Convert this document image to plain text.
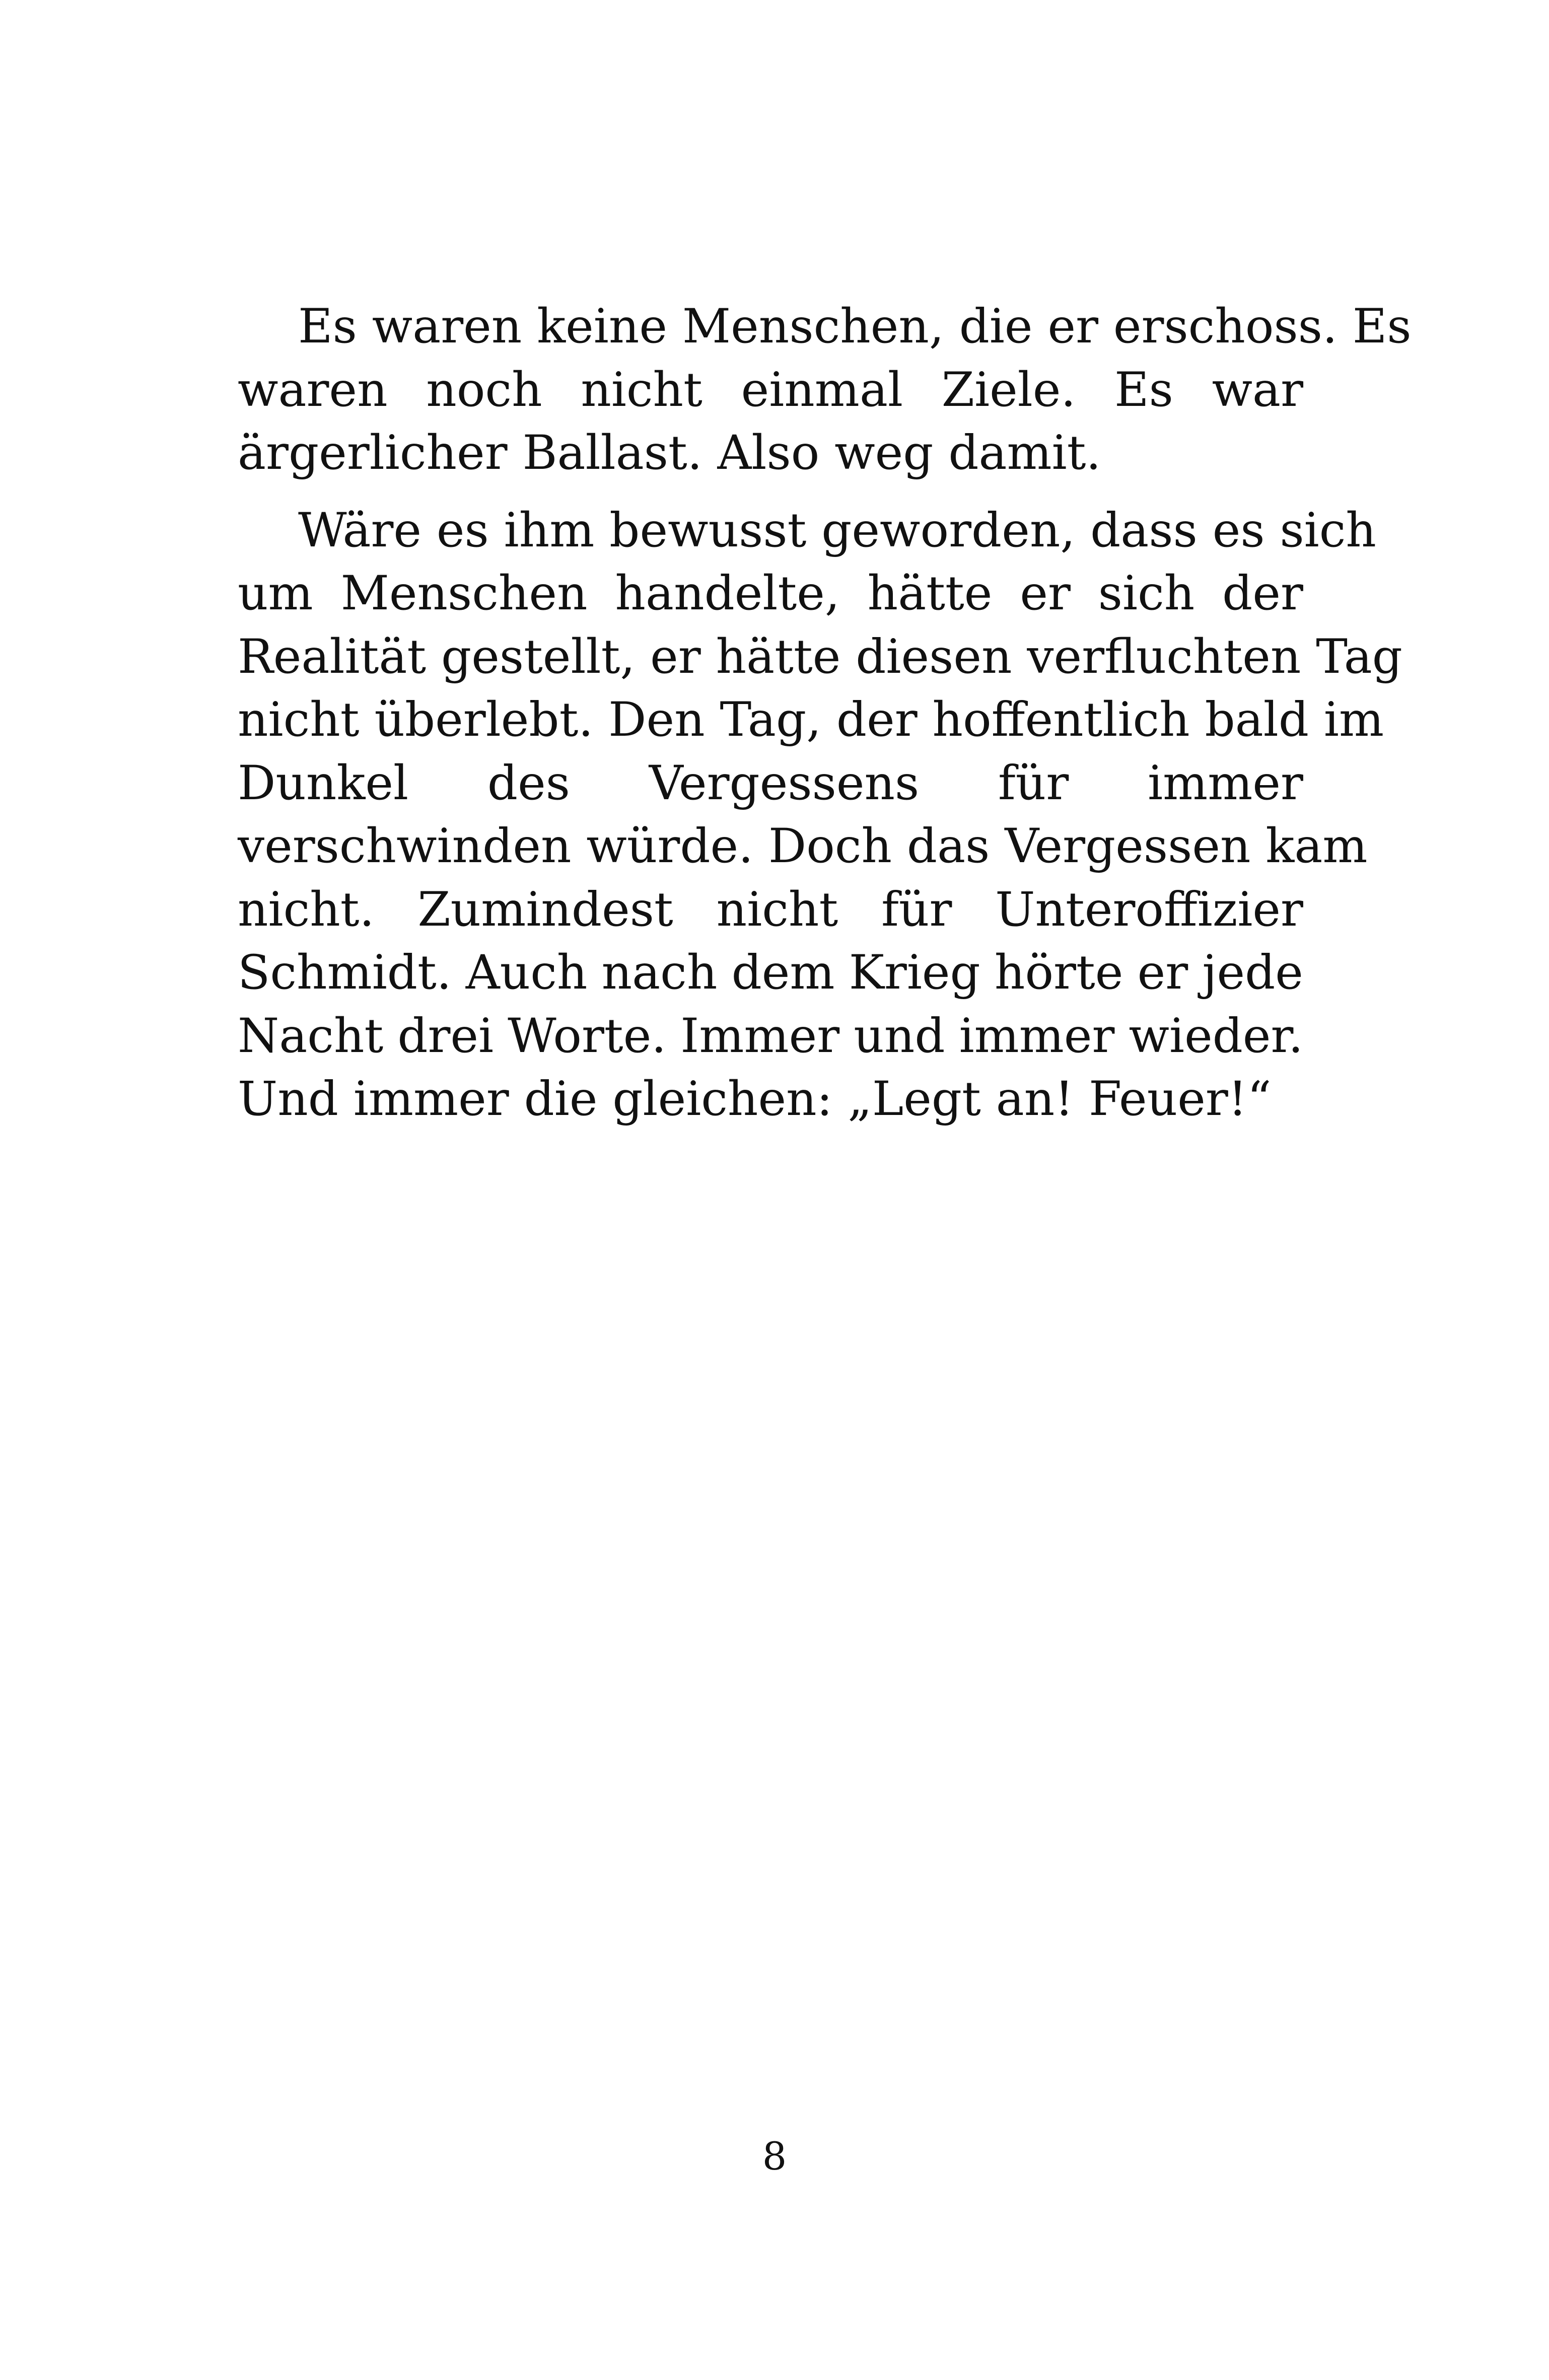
Es waren keine Menschen, die er erschoss. Es
waren noch nicht einmal Ziele. Es war
ärgerlicher Ballast. Also weg damit.
Wäre es ihm bewusst geworden, dass es sich
um Menschen handelte, hätte er sich der
Realität gestellt, er hätte diesen verfluchten Tag
nicht überlebt. Den Tag, der hoffentlich bald im
Dunkel des Vergessens für immer
verschwinden würde. Doch das Vergessen kam
nicht. Zumindest nicht für Unteroffizier
Schmidt. Auch nach dem Krieg hörte er jede
Nacht drei Worte. Immer und immer wieder.
Und immer die gleichen: „Legt an! Feuer!“
8
